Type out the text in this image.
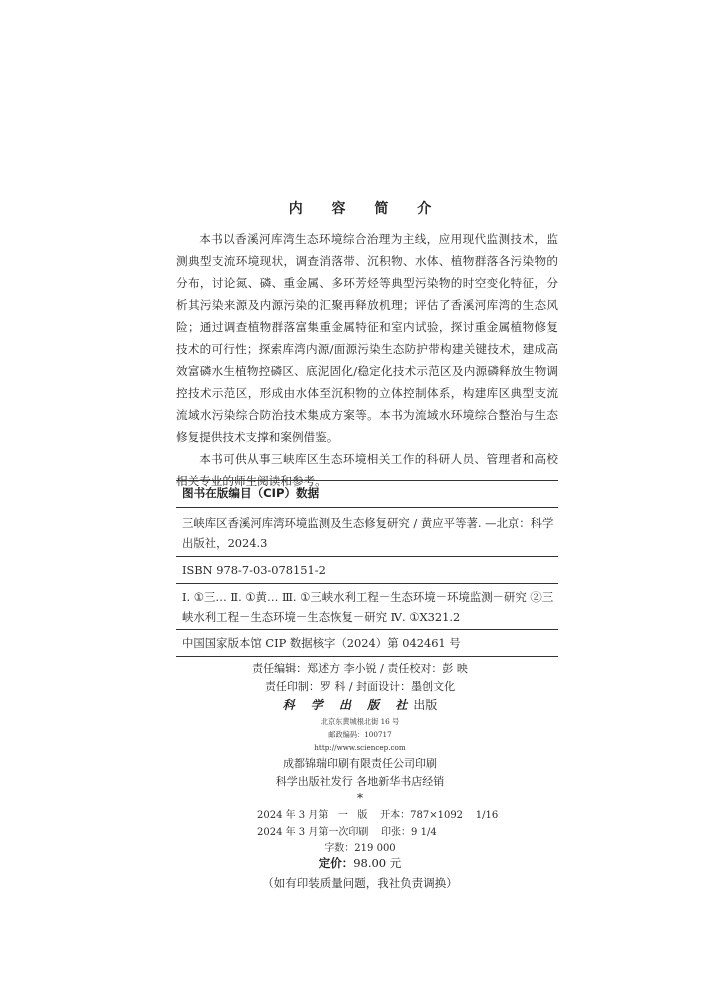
内 容 简 介

本书以香溪河库湾生态环境综合治理为主线，应用现代监测技术，监测典型支流环境现状，调查消落带、沉积物、水体、植物群落各污染物的分布，讨论氮、磷、重金属、多环芳烃等典型污染物的时空变化特征，分析其污染来源及内源污染的汇聚再释放机理；评估了香溪河库湾的生态风险；通过调查植物群落富集重金属特征和室内试验，探讨重金属植物修复技术的可行性；探索库湾内源/面源污染生态防护带构建关键技术，建成高效富磷水生植物控磷区、底泥固化/稳定化技术示范区及内源磷释放生物调控技术示范区，形成由水体至沉积物的立体控制体系，构建库区典型支流流域水污染综合防治技术集成方案等。本书为流域水环境综合整治与生态修复提供技术支撑和案例借鉴。

本书可供从事三峡库区生态环境相关工作的科研人员、管理者和高校相关专业的师生阅读和参考。

图书在版编目（CIP）数据
三峡库区香溪河库湾环境监测及生态修复研究 / 黄应平等著. —北京：科学出版社，2024.3
ISBN 978-7-03-078151-2
Ⅰ. ①三… Ⅱ. ①黄… Ⅲ. ①三峡水利工程－生态环境－环境监测－研究 ②三峡水利工程－生态环境－生态恢复－研究 Ⅳ. ①X321.2
中国国家版本馆 CIP 数据核字（2024）第 042461 号
责任编辑：郑述方 李小锐 / 责任校对：彭 映
责任印制：罗 科 / 封面设计：墨创文化
科 学 出 版 社出版
北京东黄城根北街 16 号
邮政编码：100717
http://www.sciencep.com
成都锦瑞印刷有限责任公司印刷
科学出版社发行 各地新华书店经销
*
2024 年 3 月第   一   版    开本：787×1092    1/16
2024 年 3 月第一次印刷    印张：9 1/4
字数：219 000
定价：98.00 元
（如有印装质量问题，我社负责调换）
